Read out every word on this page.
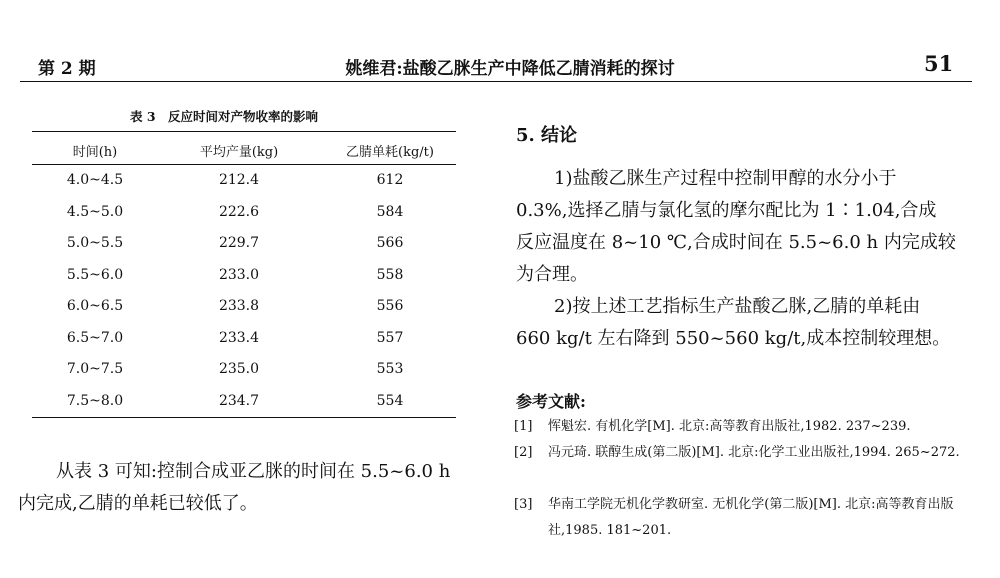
第 2 期	姚维君:盐酸乙脒生产中降低乙腈消耗的探讨	51
表 3　反应时间对产物收率的影响
时间(h)	平均产量(kg)	乙腈单耗(kg/t)
4.0~4.5	212.4	612
4.5~5.0	222.6	584
5.0~5.5	229.7	566
5.5~6.0	233.0	558
6.0~6.5	233.8	556
6.5~7.0	233.4	557
7.0~7.5	235.0	553
7.5~8.0	234.7	554
从表 3 可知:控制合成亚乙脒的时间在 5.5~6.0 h
内完成,乙腈的单耗已较低了。
5. 结论
1)盐酸乙脒生产过程中控制甲醇的水分小于
0.3%,选择乙腈与氯化氢的摩尔配比为 1∶1.04,合成
反应温度在 8~10 ℃,合成时间在 5.5~6.0 h 内完成较
为合理。
2)按上述工艺指标生产盐酸乙脒,乙腈的单耗由
660 kg/t 左右降到 550~560 kg/t,成本控制较理想。
参考文献:
[1] 恽魁宏. 有机化学[M]. 北京:高等教育出版社,1982. 237~239.
[2] 冯元琦. 联醇生成(第二版)[M]. 北京:化学工业出版社,1994. 265~272.
[3] 华南工学院无机化学教研室. 无机化学(第二版)[M]. 北京:高等教育出版社,1985. 181~201.
